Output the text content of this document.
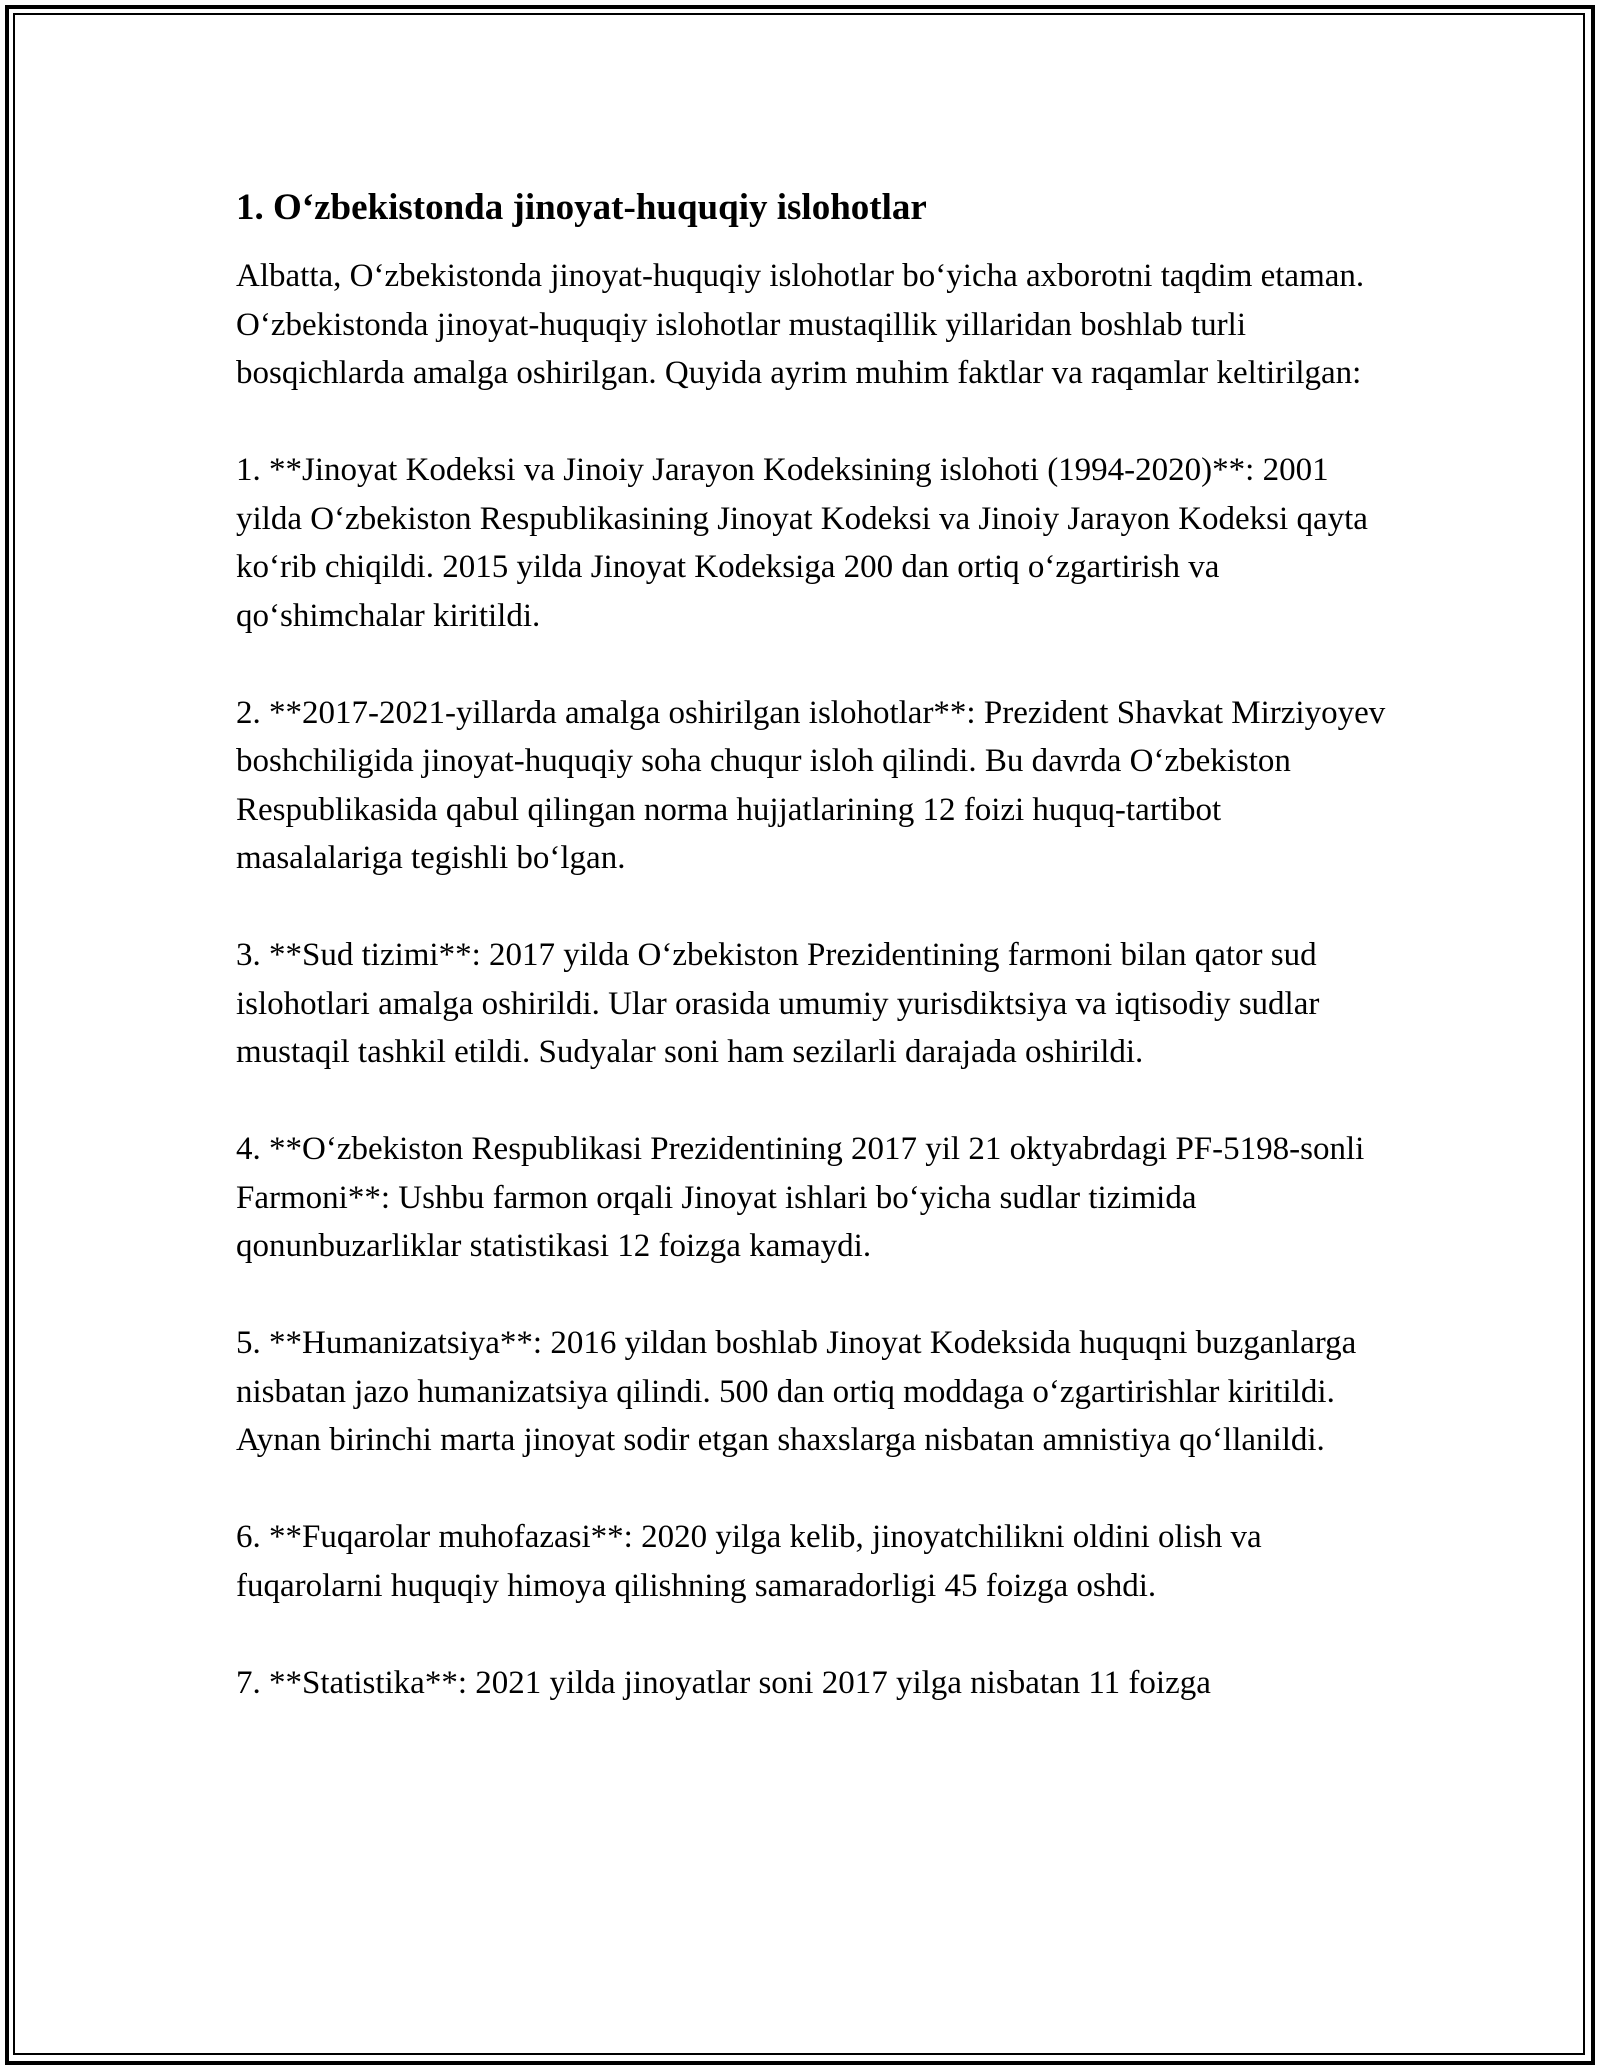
1. Oʻzbekistonda jinoyat-huquqiy islohotlar

Albatta, Oʻzbekistonda jinoyat-huquqiy islohotlar boʻyicha axborotni taqdim etaman. Oʻzbekistonda jinoyat-huquqiy islohotlar mustaqillik yillaridan boshlab turli bosqichlarda amalga oshirilgan. Quyida ayrim muhim faktlar va raqamlar keltirilgan:

1. **Jinoyat Kodeksi va Jinoiy Jarayon Kodeksining islohoti (1994-2020)**: 2001 yilda Oʻzbekiston Respublikasining Jinoyat Kodeksi va Jinoiy Jarayon Kodeksi qayta koʻrib chiqildi. 2015 yilda Jinoyat Kodeksiga 200 dan ortiq oʻzgartirish va qoʻshimchalar kiritildi.

2. **2017-2021-yillarda amalga oshirilgan islohotlar**: Prezident Shavkat Mirziyoyev boshchiligida jinoyat-huquqiy soha chuqur isloh qilindi. Bu davrda Oʻzbekiston Respublikasida qabul qilingan norma hujjatlarining 12 foizi huquq-tartibot masalalariga tegishli boʻlgan.

3. **Sud tizimi**: 2017 yilda Oʻzbekiston Prezidentining farmoni bilan qator sud islohotlari amalga oshirildi. Ular orasida umumiy yurisdiktsiya va iqtisodiy sudlar mustaqil tashkil etildi. Sudyalar soni ham sezilarli darajada oshirildi.

4. **Oʻzbekiston Respublikasi Prezidentining 2017 yil 21 oktyabrdagi PF-5198-sonli Farmoni**: Ushbu farmon orqali Jinoyat ishlari boʻyicha sudlar tizimida qonunbuzarliklar statistikasi 12 foizga kamaydi.

5. **Humanizatsiya**: 2016 yildan boshlab Jinoyat Kodeksida huquqni buzganlarga nisbatan jazo humanizatsiya qilindi. 500 dan ortiq moddaga oʻzgartirishlar kiritildi. Aynan birinchi marta jinoyat sodir etgan shaxslarga nisbatan amnistiya qoʻllanildi.

6. **Fuqarolar muhofazasi**: 2020 yilga kelib, jinoyatchilikni oldini olish va fuqarolarni huquqiy himoya qilishning samaradorligi 45 foizga oshdi.

7. **Statistika**: 2021 yilda jinoyatlar soni 2017 yilga nisbatan 11 foizga
